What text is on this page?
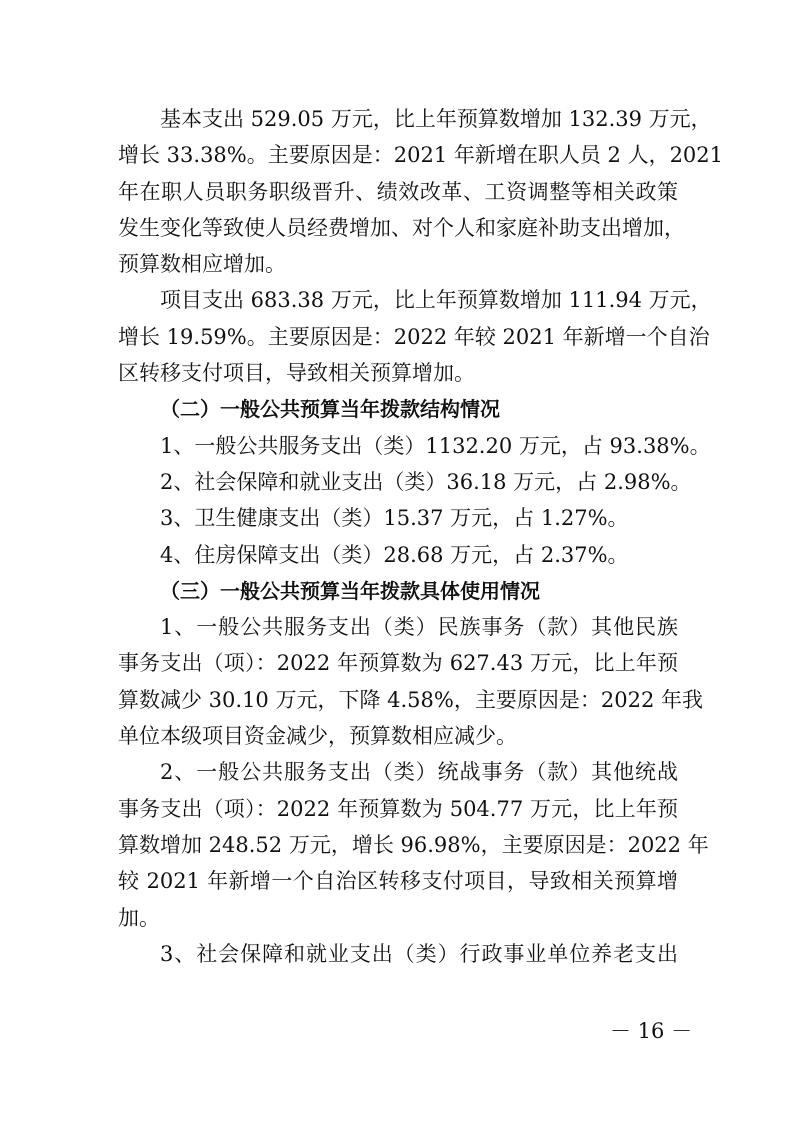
基本支出 529.05 万元，比上年预算数增加 132.39 万元，
增长 33.38%。主要原因是：2021 年新增在职人员 2 人，2021
年在职人员职务职级晋升、绩效改革、工资调整等相关政策
发生变化等致使人员经费增加、对个人和家庭补助支出增加，
预算数相应增加。
项目支出 683.38 万元，比上年预算数增加 111.94 万元，
增长 19.59%。主要原因是：2022 年较 2021 年新增一个自治
区转移支付项目，导致相关预算增加。
（二）一般公共预算当年拨款结构情况
1、一般公共服务支出（类）1132.20 万元，占 93.38%。
2、社会保障和就业支出（类）36.18 万元，占 2.98%。
3、卫生健康支出（类）15.37 万元，占 1.27%。
4、住房保障支出（类）28.68 万元，占 2.37%。
（三）一般公共预算当年拨款具体使用情况
1、一般公共服务支出（类）民族事务（款）其他民族
事务支出（项）：2022 年预算数为 627.43 万元，比上年预
算数减少 30.10 万元，下降 4.58%，主要原因是：2022 年我
单位本级项目资金减少，预算数相应减少。
2、一般公共服务支出（类）统战事务（款）其他统战
事务支出（项）：2022 年预算数为 504.77 万元，比上年预
算数增加 248.52 万元，增长 96.98%，主要原因是：2022 年
较 2021 年新增一个自治区转移支付项目，导致相关预算增
加。
3、社会保障和就业支出（类）行政事业单位养老支出
－ 16 －
